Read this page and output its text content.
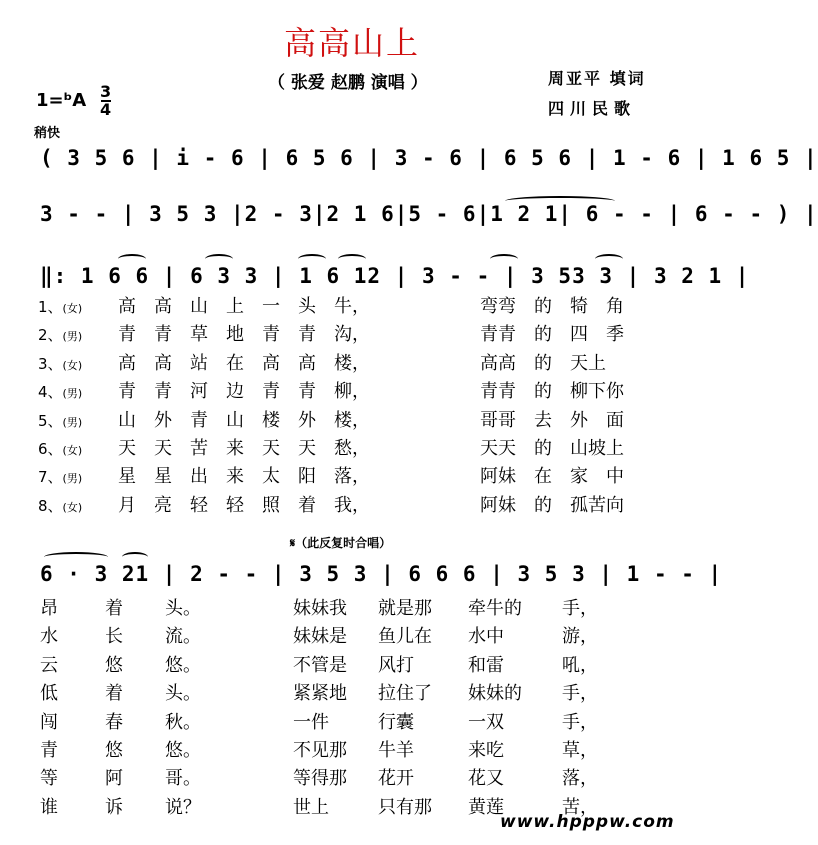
高高山上
（ 张爱 赵鹏 演唱 ）	周亚平 填词
四川民歌
1=ᵇA 3
4
稍快
( 3 5 6 | i - 6 | 6 5 6 | 3 - 6 | 6 5 6 | 1 - 6 | 1 6 5 |
3 - - | 3 5 3 |2 - 3|2 1 6|5 - 6|1 2 1| 6 - - | 6 - - ) |
‖: 1 6 6 | 6 3 3 | 1 6 12 | 3 - - | 3 53 3 | 3 2 1 |
1、(女) 高　高　山　上　一　头　牛，	弯弯　的　犄　角
2、(男) 青　青　草　地　青　青　沟，	青青　的　四　季
3、(女) 高　高　站　在　高　高　楼，	高高　的　天上
4、(男) 青　青　河　边　青　青　柳，	青青　的　柳下你
5、(男) 山　外　青　山　楼　外　楼，	哥哥　去　外　面
6、(女) 天　天　苦　来　天　天　愁，	天天　的　山坡上
7、(男) 星　星　出　来　太　阳　落，	阿妹　在　家　中
8、(女) 月　亮　轻　轻　照　着　我，	阿妹　的　孤苦向
𝄋（此反复时合唱）
6 · 3 21 | 2 - - | 3 5 3 | 6 6 6 | 3 5 3 | 1 - - |
昂	着 头。	妹妹我 就是那 牵牛的 手，
水	长 流。	妹妹是 鱼儿在 水中	游，
云	悠 悠。	不管是 风打	和雷	吼，
低	着 头。	紧紧地 拉住了 妹妹的 手，
闯	春 秋。	一件	行囊	一双	手，
青	悠 悠。	不见那 牛羊	来吃	草，
等	阿 哥。	等得那 花开	花又	落，
谁	诉 说？	世上	只有那 黄莲	苦，
www.hpppw.com
